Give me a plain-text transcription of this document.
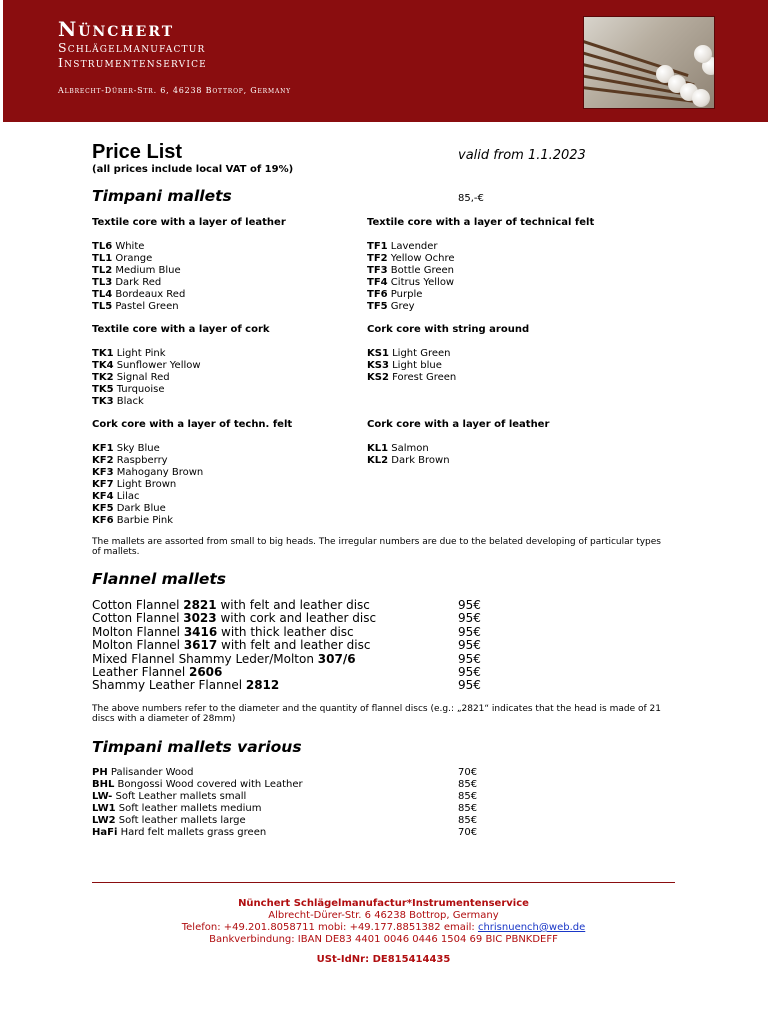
Nünchert
Schlägelmanufactur
Instrumentenservice
Albrecht-Dürer-Str. 6, 46238 Bottrop, Germany
Price List	valid from 1.1.2023
(all prices include local VAT of 19%)
Timpani mallets	85,-€
Textile core with a layer of leather
TL6 White
TL1 Orange
TL2 Medium Blue
TL3 Dark Red
TL4 Bordeaux Red
TL5 Pastel Green
Textile core with a layer of technical felt
TF1 Lavender
TF2 Yellow Ochre
TF3 Bottle Green
TF4 Citrus Yellow
TF6 Purple
TF5 Grey
Textile core with a layer of cork
TK1 Light Pink
TK4 Sunflower Yellow
TK2 Signal Red
TK5 Turquoise
TK3 Black
Cork core with string around
KS1 Light Green
KS3 Light blue
KS2 Forest Green
Cork core with a layer of techn. felt
KF1 Sky Blue
KF2 Raspberry
KF3 Mahogany Brown
KF7 Light Brown
KF4 Lilac
KF5 Dark Blue
KF6 Barbie Pink
Cork core with a layer of leather
KL1 Salmon
KL2 Dark Brown
The mallets are assorted from small to big heads. The irregular numbers are due to the belated developing of particular types of mallets.
Flannel mallets
Cotton Flannel 2821 with felt and leather disc	95€
Cotton Flannel 3023 with cork and leather disc	95€
Molton Flannel 3416 with thick leather disc	95€
Molton Flannel 3617 with felt and leather disc	95€
Mixed Flannel Shammy Leder/Molton 307/6	95€
Leather Flannel 2606	95€
Shammy Leather Flannel 2812	95€
The above numbers refer to the diameter and the quantity of flannel discs (e.g.: „2821“ indicates that the head is made of 21 discs with a diameter of 28mm)
Timpani mallets various
PH Palisander Wood	70€
BHL Bongossi Wood covered with Leather	85€
LW- Soft Leather mallets small	85€
LW1 Soft leather mallets medium	85€
LW2 Soft leather mallets large	85€
HaFi Hard felt mallets grass green	70€
Nünchert Schlägelmanufactur*Instrumentenservice
Albrecht-Dürer-Str. 6 46238 Bottrop, Germany
Telefon: +49.201.8058711 mobi: +49.177.8851382 email: chrisnuench@web.de
Bankverbindung: IBAN DE83 4401 0046 0446 1504 69 BIC PBNKDEFF
USt-IdNr: DE815414435
